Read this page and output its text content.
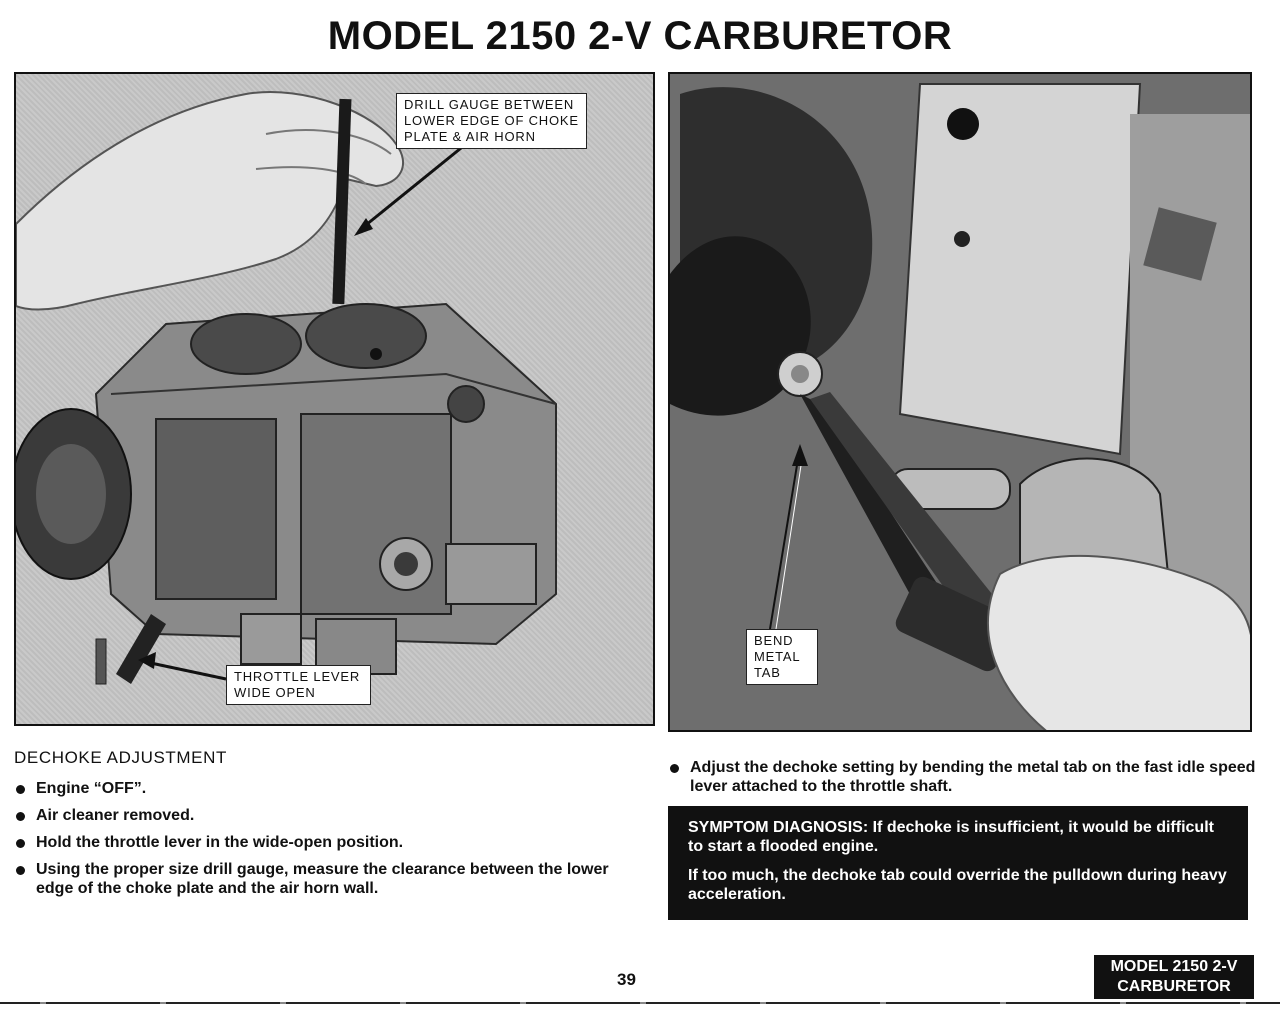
MODEL 2150 2-V CARBURETOR
DRILL GAUGE BETWEEN
LOWER EDGE OF CHOKE
PLATE & AIR HORN
THROTTLE LEVER
WIDE OPEN
BEND
METAL
TAB
DECHOKE ADJUSTMENT
Engine “OFF”.
Air cleaner removed.
Hold the throttle lever in the wide-open position.
Using the proper size drill gauge, measure the clearance between the lower edge of the choke plate and the air horn wall.
Adjust the dechoke setting by bending the metal tab on the fast idle speed lever attached to the throttle shaft.

SYMPTOM DIAGNOSIS: If dechoke is insufficient, it would be difficult to start a flooded engine.

If too much, the dechoke tab could override the pulldown during heavy acceleration.

39
MODEL 2150 2-V
CARBURETOR
